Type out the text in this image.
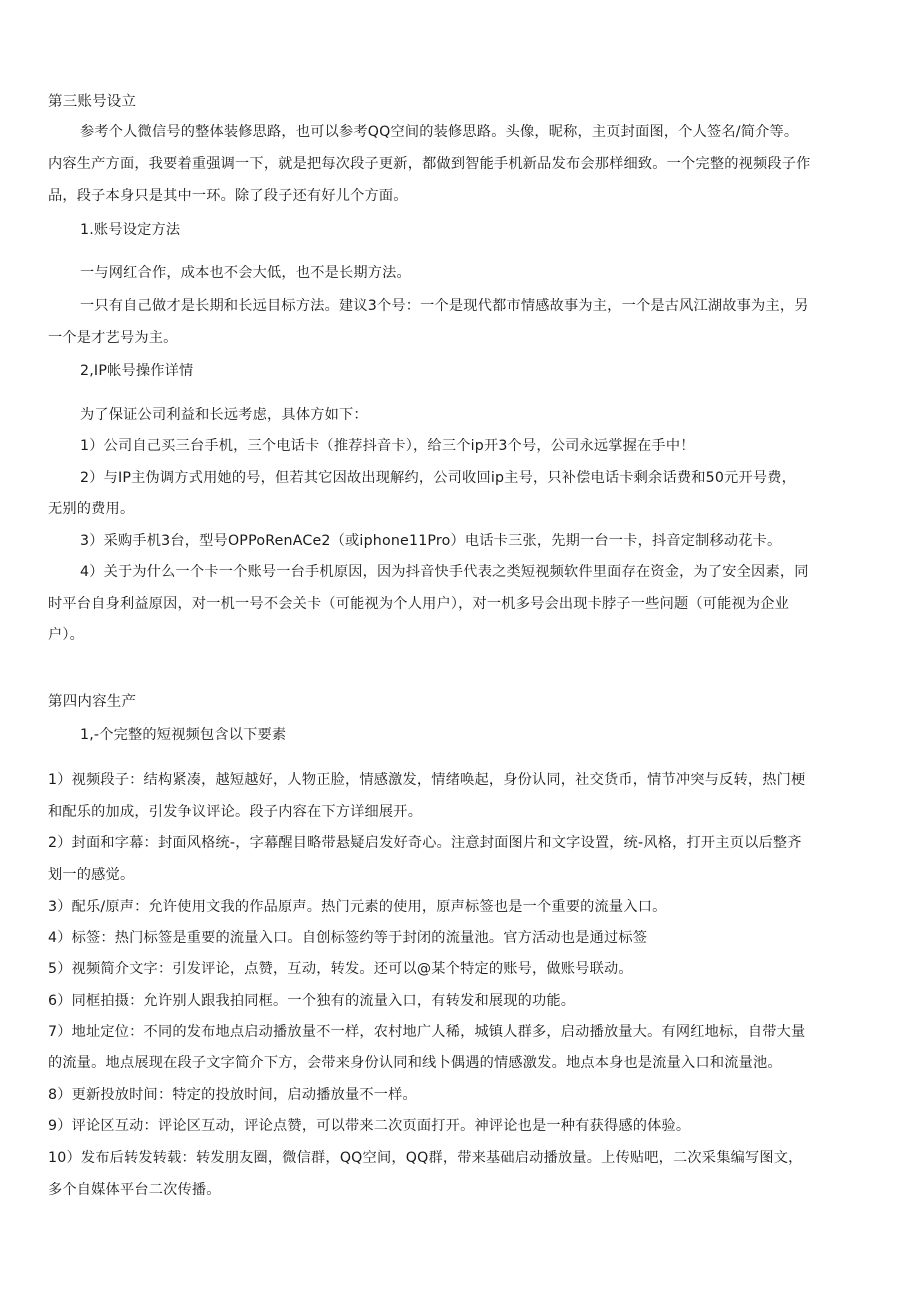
第三账号设立
参考个人微信号的整体装修思路，也可以参考QQ空间的装修思路。头像，昵称，主页封面图，个人签名/简介等。
内容生产方面，我要着重强调一下，就是把每次段子更新，都做到智能手机新品发布会那样细致。一个完整的视频段子作
品，段子本身只是其中一环。除了段子还有好儿个方面。
1.账号设定方法
一与网红合作，成本也不会大低，也不是长期方法。
一只有自己做才是长期和长远目标方法。建议3个号：一个是现代都市情感故事为主，一个是古风江湖故事为主，另
一个是才艺号为主。
2,IP帐号操作详情
为了保证公司利益和长远考虑，具体方如下：
1）公司自己买三台手机，三个电话卡（推荐抖音卡），给三个ip开3个号，公司永远掌握在手中！
2）与IP主伪调方式用她的号，但若其它因故出现解约，公司收回ip主号，只补偿电话卡剩余话费和50元开号费，
无别的费用。
3）采购手机3台，型号OPPoRenACe2（或iphone11Pro）电话卡三张，先期一台一卡，抖音定制移动花卡。
4）关于为什么一个卡一个账号一台手机原因，因为抖音快手代表之类短视频软件里面存在资金，为了安全因素，同
时平台自身利益原因，对一机一号不会关卡（可能视为个人用户），对一机多号会出现卡脖子一些问题（可能视为企业
户）。
第四内容生产
1,-个完整的短视频包含以下要素
1）视频段子：结构紧凑，越短越好，人物正脸，情感激发，情绪唤起，身份认同，社交货币，情节冲突与反转，热门梗
和配乐的加成，引发争议评论。段子内容在下方详细展开。
2）封面和字幕：封面风格统-，字幕醒目略带悬疑启发好奇心。注意封面图片和文字设置，统-风格，打开主页以后整齐
划一的感觉。
3）配乐/原声：允许使用文我的作品原声。热门元素的使用，原声标签也是一个重要的流量入口。
4）标签：热门标签是重要的流量入口。自创标签约等于封闭的流量池。官方活动也是通过标签
5）视频简介文字：引发评论，点赞，互动，转发。还可以@某个特定的账号，做账号联动。
6）同框拍摄：允许别人跟我拍同框。一个独有的流量入口，有转发和展现的功能。
7）地址定位：不同的发布地点启动播放量不一样，农村地广人稀，城镇人群多，启动播放量大。有网红地标，自带大量
的流量。地点展现在段子文字简介下方，会带来身份认同和线卜偶遇的情感激发。地点本身也是流量入口和流量池。
8）更新投放时间：特定的投放时间，启动播放量不一样。
9）评论区互动：评论区互动，评论点赞，可以带来二次页面打开。神评论也是一种有获得感的体验。
10）发布后转发转载：转发朋友圈，微信群，QQ空间，QQ群，带来基础启动播放量。上传贴吧，二次采集编写图文，
多个自媒体平台二次传播。
